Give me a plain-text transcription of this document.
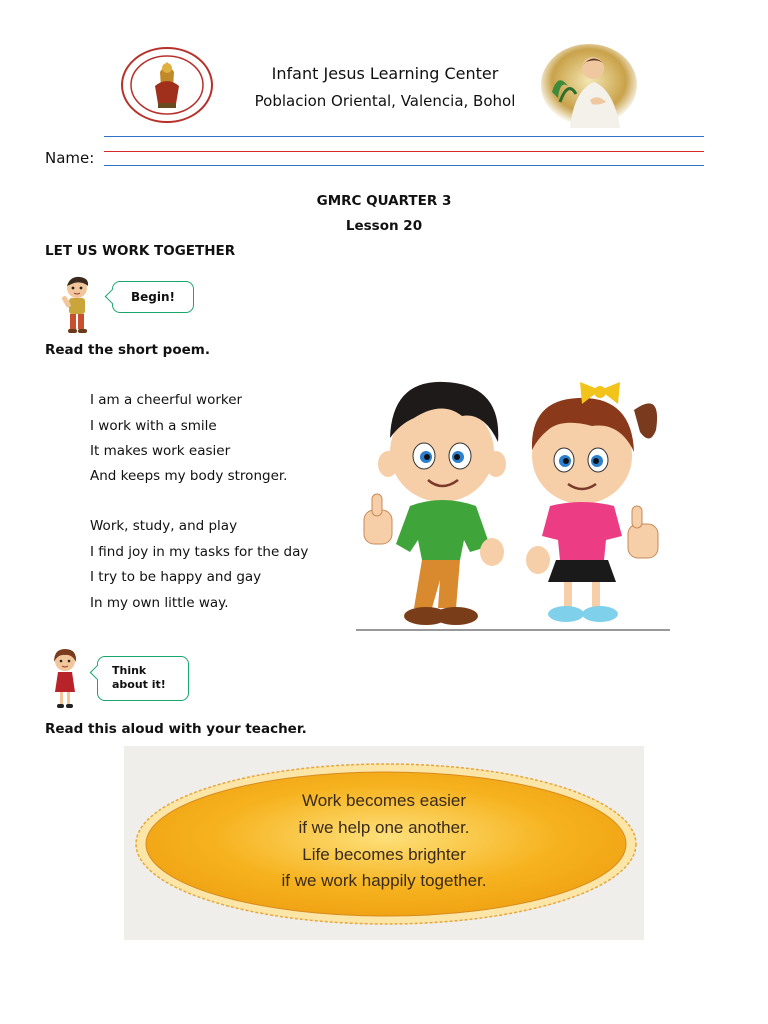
Infant Jesus Learning Center
Poblacion Oriental, Valencia, Bohol
Name:
GMRC QUARTER 3
Lesson 20
LET US WORK TOGETHER
Begin!
Read the short poem.
I am a cheerful worker
I work with a smile
It makes work easier
And keeps my body stronger.
Work, study, and play
I find joy in my tasks for the day
I try to be happy and gay
In my own little way.
Think
about it!
Read this aloud with your teacher.
Work becomes easier
if we help one another.
Life becomes brighter
if we work happily together.
